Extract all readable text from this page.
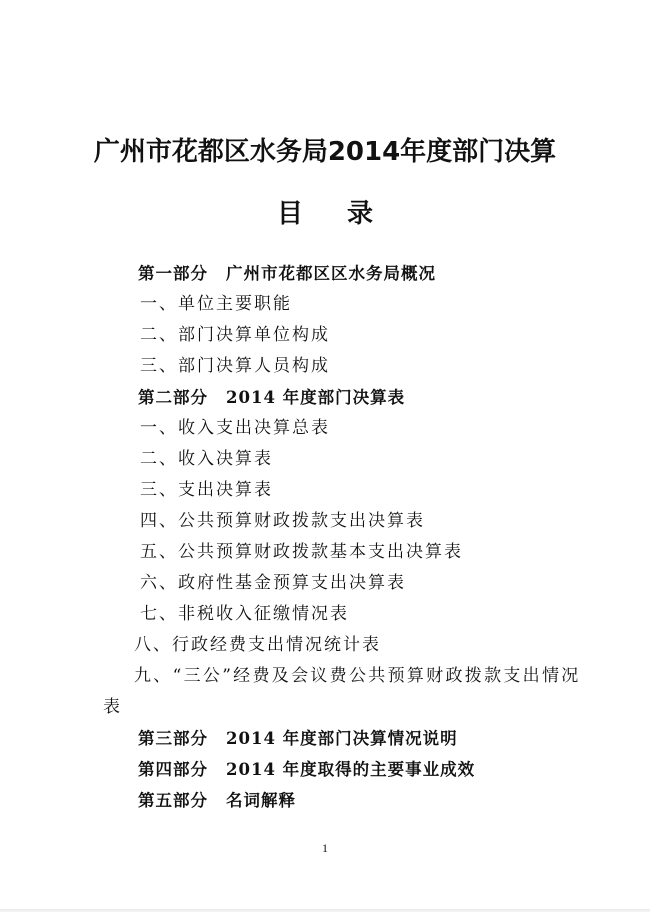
广州市花都区水务局2014年度部门决算
目 录
第一部分 广州市花都区区水务局概况
一、单位主要职能
二、部门决算单位构成
三、部门决算人员构成
第二部分 2014 年度部门决算表
一、收入支出决算总表
二、收入决算表
三、支出决算表
四、公共预算财政拨款支出决算表
五、公共预算财政拨款基本支出决算表
六、政府性基金预算支出决算表
七、非税收入征缴情况表
八、行政经费支出情况统计表
九、“三公”经费及会议费公共预算财政拨款支出情况
表
第三部分 2014 年度部门决算情况说明
第四部分 2014 年度取得的主要事业成效
第五部分 名词解释
1
